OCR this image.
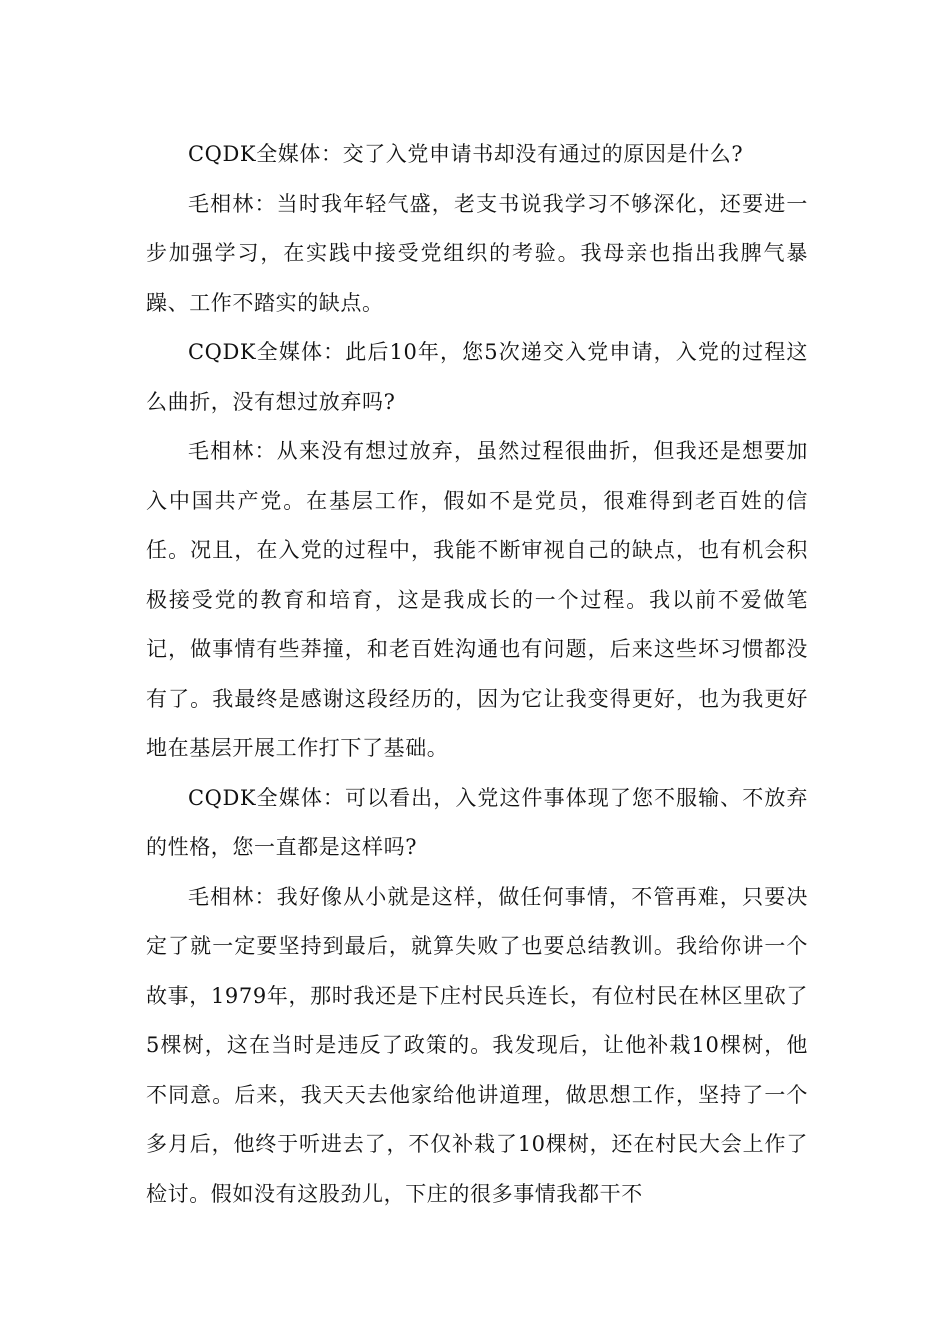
CQDK全媒体：交了入党申请书却没有通过的原因是什么?

毛相林：当时我年轻气盛，老支书说我学习不够深化，还要进一步加强学习，在实践中接受党组织的考验。我母亲也指出我脾气暴躁、工作不踏实的缺点。

CQDK全媒体：此后10年，您5次递交入党申请，入党的过程这么曲折，没有想过放弃吗?

毛相林：从来没有想过放弃，虽然过程很曲折，但我还是想要加入中国共产党。在基层工作，假如不是党员，很难得到老百姓的信任。况且，在入党的过程中，我能不断审视自己的缺点，也有机会积极接受党的教育和培育，这是我成长的一个过程。我以前不爱做笔记，做事情有些莽撞，和老百姓沟通也有问题，后来这些坏习惯都没有了。我最终是感谢这段经历的，因为它让我变得更好，也为我更好地在基层开展工作打下了基础。

CQDK全媒体：可以看出，入党这件事体现了您不服输、不放弃的性格，您一直都是这样吗?

毛相林：我好像从小就是这样，做任何事情，不管再难，只要决定了就一定要坚持到最后，就算失败了也要总结教训。我给你讲一个故事，1979年，那时我还是下庄村民兵连长，有位村民在林区里砍了5棵树，这在当时是违反了政策的。我发现后，让他补栽10棵树，他不同意。后来，我天天去他家给他讲道理，做思想工作，坚持了一个多月后，他终于听进去了，不仅补栽了10棵树，还在村民大会上作了检讨。假如没有这股劲儿，下庄的很多事情我都干不
